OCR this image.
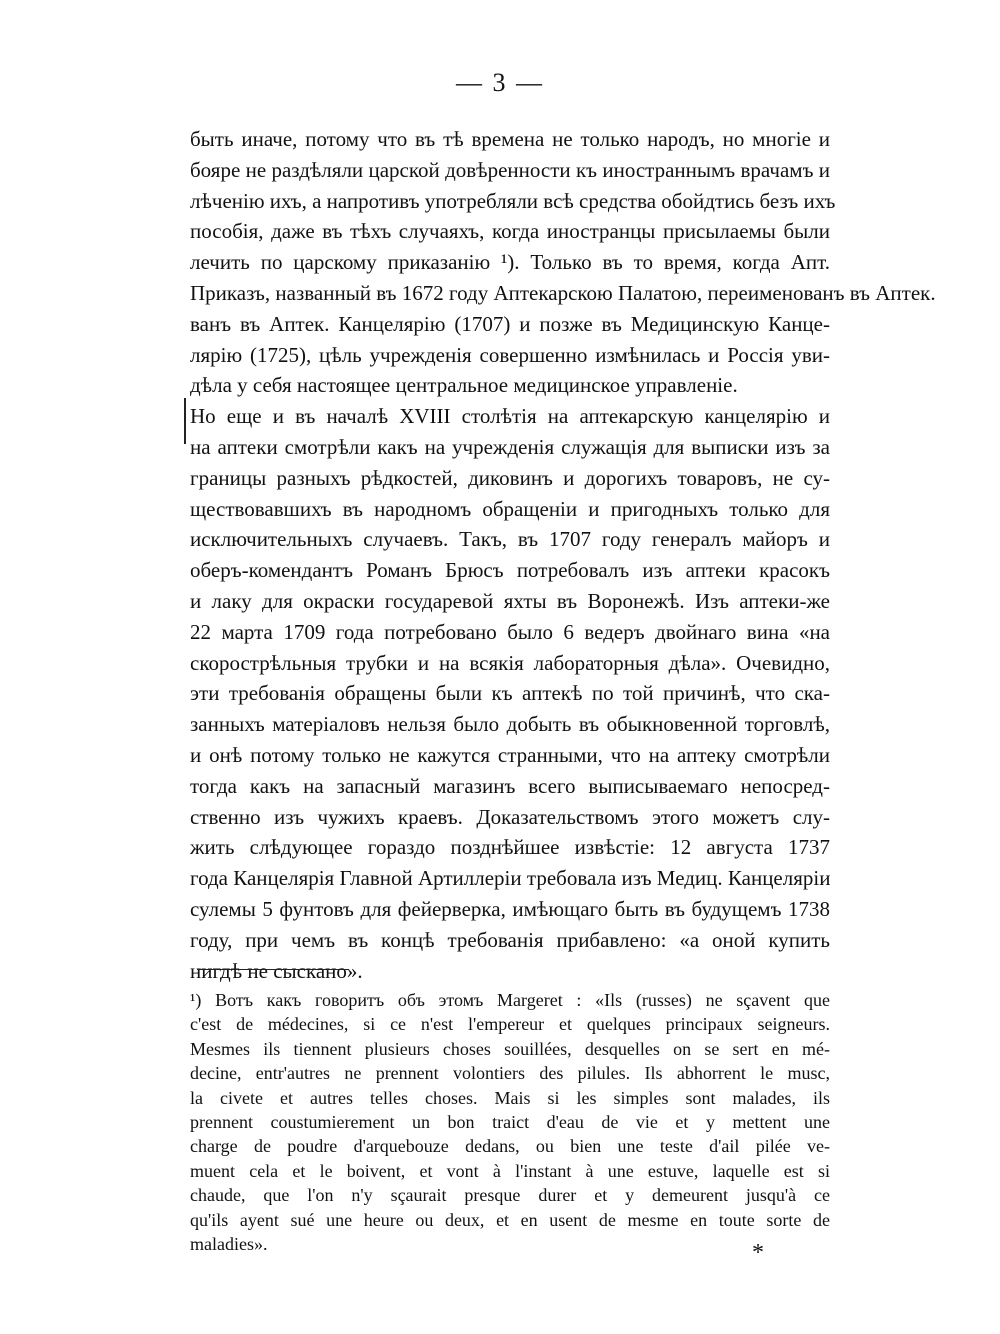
— 3 —
быть иначе, потому что въ тѣ времена не только народъ, но многіе и
бояре не раздѣляли царской довѣренности къ иностраннымъ врачамъ и
лѣченію ихъ, а напротивъ употребляли всѣ средства обойдтись безъ ихъ
пособія, даже въ тѣхъ случаяхъ, когда иностранцы присылаемы были
лечить по царскому приказанію ¹). Только въ то время, когда Апт.
Приказъ, названный въ 1672 году Аптекарскою Палатою, переименованъ въ Аптек.
ванъ въ Аптек. Канцелярію (1707) и позже въ Медицинскую Канце-
лярію (1725), цѣль учрежденія совершенно измѣнилась и Россія уви-
дѣла у себя настоящее центральное медицинское управленіе.
Но еще и въ началѣ XVIII столѣтія на аптекарскую канцелярію и
на аптеки смотрѣли какъ на учрежденія служащія для выписки изъ за
границы разныхъ рѣдкостей, диковинъ и дорогихъ товаровъ, не су-
ществовавшихъ въ народномъ обращеніи и пригодныхъ только для
исключительныхъ случаевъ. Такъ, въ 1707 году генералъ майоръ и
оберъ-комендантъ Романъ Брюсъ потребовалъ изъ аптеки красокъ
и лаку для окраски государевой яхты въ Воронежѣ. Изъ аптеки-же
22 марта 1709 года потребовано было 6 ведеръ двойнаго вина «на
скорострѣльныя трубки и на всякія лабораторныя дѣла». Очевидно,
эти требованія обращены были къ аптекѣ по той причинѣ, что ска-
занныхъ матеріаловъ нельзя было добыть въ обыкновенной торговлѣ,
и онѣ потому только не кажутся странными, что на аптеку смотрѣли
тогда какъ на запасный магазинъ всего выписываемаго непосред-
ственно изъ чужихъ краевъ. Доказательствомъ этого можетъ слу-
жить слѣдующее гораздо позднѣйшее извѣстіе: 12 августа 1737
года Канцелярія Главной Артиллеріи требовала изъ Медиц. Канцеляріи
сулемы 5 фунтовъ для фейерверка, имѣющаго быть въ будущемъ 1738
году, при чемъ въ концѣ требованія прибавлено: «а оной купить
нигдѣ не сыскано».
¹) Вотъ какъ говоритъ объ этомъ Margeret : «Ils (russes) ne sçavent que
c'est de médecines, si ce n'est l'empereur et quelques principaux seigneurs.
Mesmes ils tiennent plusieurs choses souillées, desquelles on se sert en mé-
decine, entr'autres ne prennent volontiers des pilules. Ils abhorrent le musc,
la civete et autres telles choses. Mais si les simples sont malades, ils
prennent coustumierement un bon traict d'eau de vie et y mettent une
charge de poudre d'arquebouze dedans, ou bien une teste d'ail pilée ve-
muent cela et le boivent, et vont à l'instant à une estuve, laquelle est si
chaude, que l'on n'y sçaurait presque durer et y demeurent jusqu'à ce
qu'ils ayent sué une heure ou deux, et en usent de mesme en toute sorte de
maladies».	*
